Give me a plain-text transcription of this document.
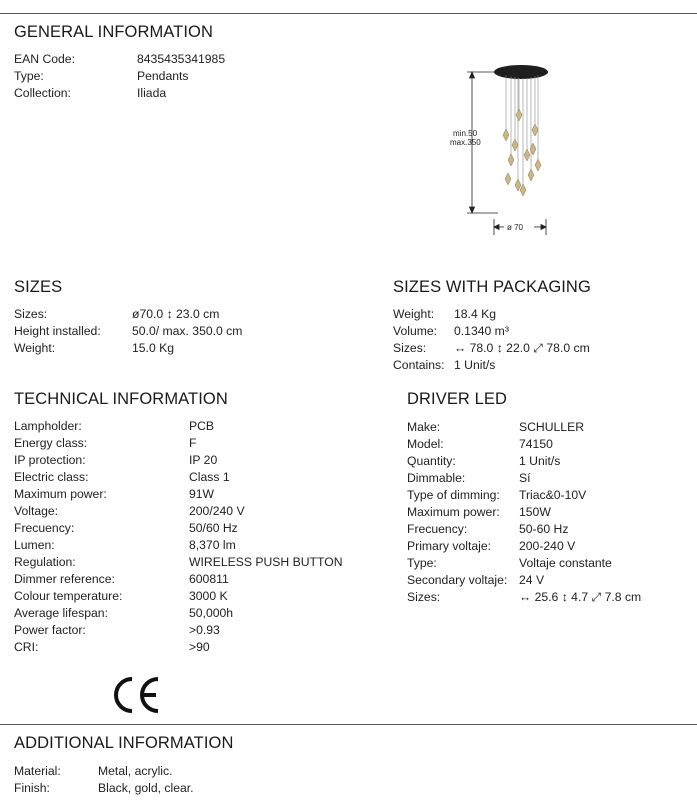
GENERAL INFORMATION
EAN Code:	8435435341985
Type:	Pendants
Collection:	Iliada
min.50
max.350
ø 70
SIZES
Sizes:	ø70.0 ↕ 23.0 cm
Height installed:	50.0/ max. 350.0 cm
Weight:	15.0 Kg
SIZES WITH PACKAGING
Weight: 18.4 Kg
Volume: 0.1340 m³
Sizes: ↔ 78.0 ↕ 22.0 ⤢ 78.0 cm
Contains: 1 Unit/s
TECHNICAL INFORMATION
Lampholder:	PCB
Energy class:	F
IP protection:	IP 20
Electric class:	Class 1
Maximum power:	91W
Voltage:	200/240 V
Frecuency:	50/60 Hz
Lumen:	8,370 lm
Regulation:	WIRELESS PUSH BUTTON
Dimmer reference:	600811
Colour temperature:	3000 K
Average lifespan:	50,000h
Power factor:	>0.93
CRI:	>90
DRIVER LED
Make:	SCHULLER
Model:	74150
Quantity:	1 Unit/s
Dimmable:	Sí
Type of dimming: Triac&0-10V
Maximum power: 150W
Frecuency:	50-60 Hz
Primary voltaje: 200-240 V
Type:	Voltaje constante
Secondary voltaje: 24 V
Sizes:	↔ 25.6 ↕ 4.7 ⤢ 7.8 cm
ADDITIONAL INFORMATION
Material:	Metal, acrylic.
Finish:	Black, gold, clear.
